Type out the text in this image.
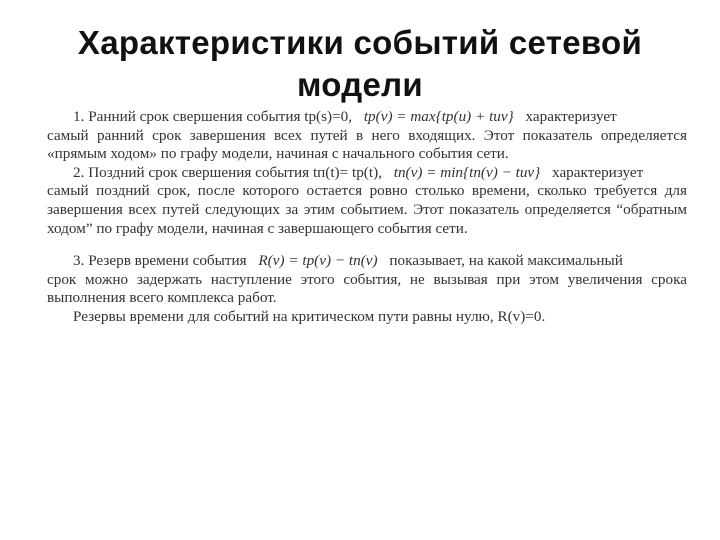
Характеристики событий сетевой
модели
1. Ранний срок свершения события tр(s)=0, tр(v) = max{tр(u) + tuv} характеризует

самый ранний срок завершения всех путей в него входящих. Этот показатель определяется «прямым ходом» по графу модели, начиная с начального события сети.

2. Поздний срок свершения события tп(t)= tр(t), tп(v) = min{tп(v) − tuv} характеризует

самый поздний срок, после которого остается ровно столько времени, сколько требуется для завершения всех путей следующих за этим событием. Этот показатель определяется “обратным ходом” по графу модели, начиная с завершающего события сети.

3. Резерв времени события R(v) = tр(v) − tп(v) показывает, на какой максимальный

срок можно задержать наступление этого события, не вызывая при этом увеличения срока выполнения всего комплекса работ.

Резервы времени для событий на критическом пути равны нулю, R(v)=0.
